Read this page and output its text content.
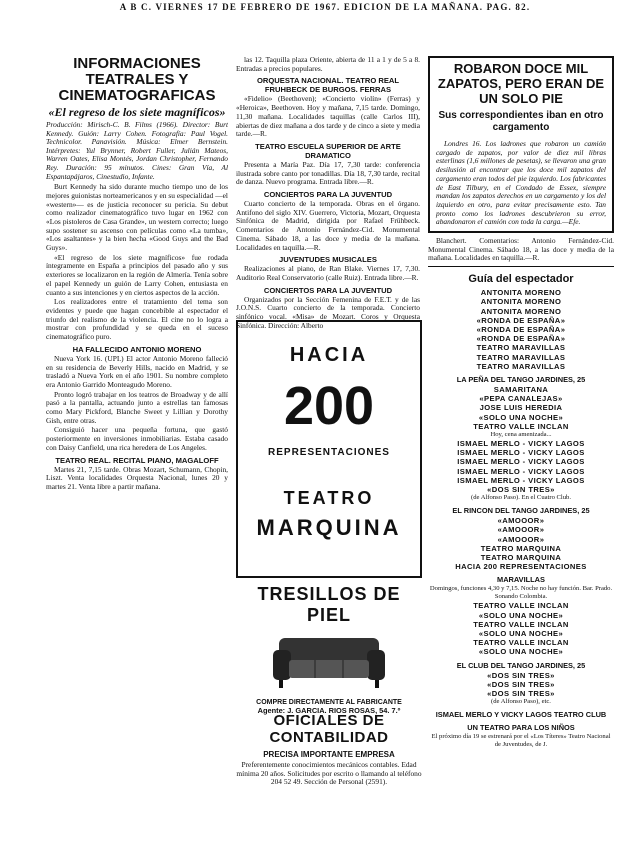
A B C. VIERNES 17 DE FEBRERO DE 1967. EDICION DE LA MAÑANA. PAG. 82.

INFORMACIONES TEATRALES Y CINEMATOGRAFICAS

«El regreso de los siete magníficos»

Producción: Mirisch-C. B. Films (1966). Director: Burt Kennedy. Guión: Larry Cohen. Fotografía: Paul Vogel. Technicolor. Panavisión. Música: Elmer Bernstein. Intérpretes: Yul Brynner, Robert Fuller, Julián Mateos, Warren Oates, Elisa Montés, Jordan Christopher, Fernando Rey. Duración: 95 minutos. Cines: Gran Vía, Al Espantapájaros, Cinestudio, Infante.

Burt Kennedy ha sido durante mucho tiempo uno de los mejores guionistas norteamericanos y en su especialidad —el «western»— es de justicia reconocer su pericia. Su debut como realizador cinematográfico tuvo lugar en 1962 con «Los pistoleros de Casa Grande», un western correcto; luego supo sostener su ascenso con películas como «La tumba», «Los asaltantes» y la bien hecha «Good Guys and the Bad Guys».

«El regreso de los siete magníficos» fue rodada íntegramente en España a principios del pasado año y sus exteriores se localizaron en la región de Almería. Tenía sobre el papel Kennedy un guión de Larry Cohen, entusiasta en cuanto a sus intenciones y en ciertos aspectos de la acción.

Los realizadores entre el tratamiento del tema son evidentes y puede que hagan concebible al espectador el triunfo del realismo de la violencia. El cine no lo logra a mostrar con profundidad y se queda en el suceso cinematográfico puro.

HA FALLECIDO ANTONIO MORENO

Nueva York 16. (UPI.) El actor Antonio Moreno falleció en su residencia de Beverly Hills, nacido en Madrid, y se trasladó a Nueva York en el año 1901. Su nombre completo era Antonio Garrido Monteagudo Moreno.

Pronto logró trabajar en los teatros de Broadway y de allí pasó a la pantalla, actuando junto a estrellas tan famosas como Mary Pickford, Blanche Sweet y Lillian y Dorothy Gish, entre otras.

Consiguió hacer una pequeña fortuna, que gastó posteriormente en inversiones inmobiliarias. Estaba casado con Daisy Canfield, una rica heredera de Los Angeles.

TEATRO REAL. RECITAL PIANO, MAGALOFF

Martes 21, 7,15 tarde. Obras Mozart, Schumann, Chopin, Liszt. Venta localidades Orquesta Nacional, lunes 20 y martes 21. Venta libre a partir mañana.

las 12. Taquilla plaza Oriente, abierta de 11 a 1 y de 5 a 8. Entradas a precios populares.

ORQUESTA NACIONAL. TEATRO REAL FRUHBECK DE BURGOS. FERRAS

«Fidelio» (Beethoven); «Concierto violín» (Ferras) y «Heroica», Beethoven. Hoy y mañana, 7,15 tarde. Domingo, 11,30 mañana. Localidades taquillas (calle Carlos III), abiertas de diez mañana a dos tarde y de cinco a siete y media tarde.—R.

TEATRO ESCUELA SUPERIOR DE ARTE DRAMATICO

Presenta a María Paz. Día 17, 7,30 tarde: conferencia ilustrada sobre canto por tonadillas. Día 18, 7,30 tarde, recital de danza. Nuevo programa. Entrada libre.—R.

CONCIERTOS PARA LA JUVENTUD

Cuarto concierto de la temporada. Obras en el órgano. Antifono del siglo XIV. Guerrero, Victoria, Mozart, Orquesta Sinfónica de Madrid, dirigida por Rafael Frühbeck. Comentarios de Antonio Fernández-Cid. Monumental Cinema. Sábado 18, a las doce y media de la mañana. Localidades en taquilla.—R.

JUVENTUDES MUSICALES

Realizaciones al piano, de Ran Blake. Viernes 17, 7,30. Auditorio Real Conservatorio (calle Ruiz). Entrada libre.—R.

CONCIERTOS PARA LA JUVENTUD

Organizados por la Sección Femenina de F.E.T. y de las J.O.N.S. Cuarto concierto de la temporada. Concierto sinfónico vocal. «Misa» de Mozart. Coros y Orquesta Sinfónica. Dirección: Alberto

HACIA
200
REPRESENTACIONES
TEATRO
MARQUINA
TRESILLOS DE PIEL
COMPRE DIRECTAMENTE AL FABRICANTE
Agente: J. GARCIA. RIOS ROSAS, 54. 7.º
OFICIALES DE CONTABILIDAD
PRECISA IMPORTANTE EMPRESA
Preferentemente conocimientos mecánicos contables. Edad mínima 20 años. Solicitudes por escrito o llamando al teléfono 204 52 49. Sección de Personal (2591).
ROBARON DOCE MIL ZAPATOS, PERO ERAN DE UN SOLO PIE
Sus correspondientes iban en otro cargamento
Londres 16. Los ladrones que robaron un camión cargado de zapatos, por valor de diez mil libras esterlinas (1,6 millones de pesetas), se llevaron una gran desilusión al encontrar que los doce mil zapatos del cargamento eran todos del pie izquierdo. Los fabricantes de East Tilbury, en el Condado de Essex, siempre mandan los zapatos derechos en un cargamento y los del izquierdo en otro, para evitar precisamente esto. Tan pronto como los ladrones descubrieron su error, abandonaron el camión con toda la carga.—Efe.

Blanchert. Comentarios: Antonio Fernández-Cid. Monumental Cinema. Sábado 18, a las doce y media de la mañana. Localidades en taquilla.—R.

Guía del espectador
ANTONITA MORENO
ANTONITA MORENO
ANTONITA MORENO
«RONDA DE ESPAÑA»
«RONDA DE ESPAÑA»
«RONDA DE ESPAÑA»
TEATRO MARAVILLAS
TEATRO MARAVILLAS
TEATRO MARAVILLAS
LA PEÑA DEL TANGO JARDINES, 25
SAMARITANA
«PEPA CANALEJAS»
JOSE LUIS HEREDIA
«SOLO UNA NOCHE»
TEATRO VALLE INCLAN
Hoy, cena amenizada...
ISMAEL MERLO - VICKY LAGOS
ISMAEL MERLO - VICKY LAGOS
ISMAEL MERLO - VICKY LAGOS
ISMAEL MERLO - VICKY LAGOS
ISMAEL MERLO - VICKY LAGOS
«DOS SIN TRES»
(de Alfonso Paso). En el Cuatro Club.
EL RINCON DEL TANGO JARDINES, 25
«AMOOOR»
«AMOOOR»
«AMOOOR»
TEATRO MARQUINA
TEATRO MARQUINA
HACIA 200 REPRESENTACIONES
MARAVILLAS
Domingos, funciones 4,30 y 7,15. Noche no hay función. Bar. Prado. Sonando Colombia.
TEATRO VALLE INCLAN
«SOLO UNA NOCHE»
TEATRO VALLE INCLAN
«SOLO UNA NOCHE»
TEATRO VALLE INCLAN
«SOLO UNA NOCHE»
EL CLUB DEL TANGO JARDINES, 25
«DOS SIN TRES»
«DOS SIN TRES»
«DOS SIN TRES»
(de Alfonso Paso), etc.
ISMAEL MERLO Y VICKY LAGOS TEATRO CLUB
UN TEATRO PARA LOS NIÑOS
El próximo día 19 se estrenará por el «Los Títeres» Teatro Nacional de Juventudes, de J.
